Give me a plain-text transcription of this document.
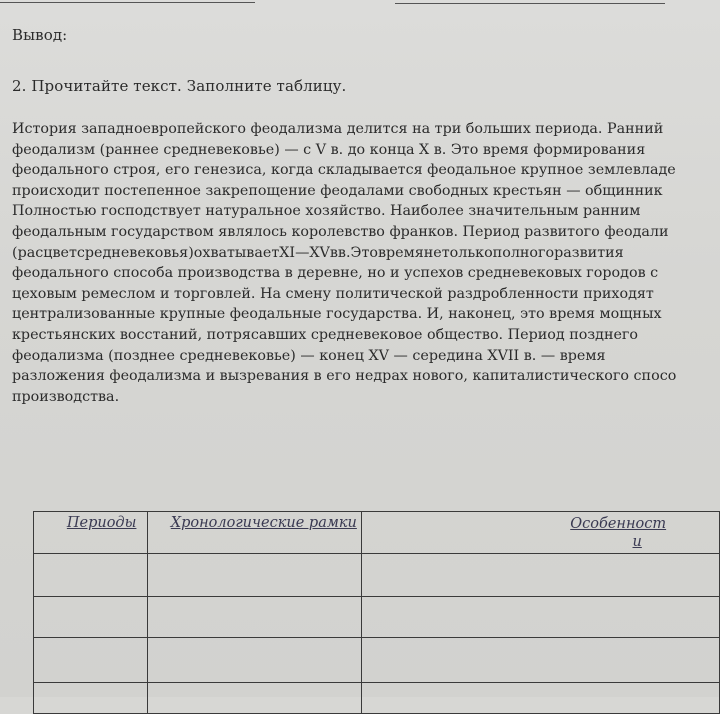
Вывод:
2. Прочитайте текст. Заполните таблицу.
История западноевропейского феодализма делится на три больших периода. Ранний
феодализм (раннее средневековье) — с V в. до конца X в. Это время формирования
феодального строя, его генезиса, когда складывается феодальное крупное землевладе
происходит постепенное закрепощение феодалами свободных крестьян — общинник
Полностью господствует натуральное хозяйство. Наиболее значительным ранним
феодальным государством являлось королевство франков. Период развитого феодали
(расцветсредневековья)охватываетXI—XVвв.Этовремянетолькополногоразвития
феодального способа производства в деревне, но и успехов средневековых городов с
цеховым ремеслом и торговлей. На смену политической раздробленности приходят
централизованные крупные феодальные государства. И, наконец, это время мощных
крестьянских восстаний, потрясавших средневековое общество. Период позднего
феодализма (позднее средневековье) — конец XV — середина XVII в. — время
разложения феодализма и вызревания в его недрах нового, капиталистического спосо
производства.
Периоды	Хронологические рамки	Особенност
и
